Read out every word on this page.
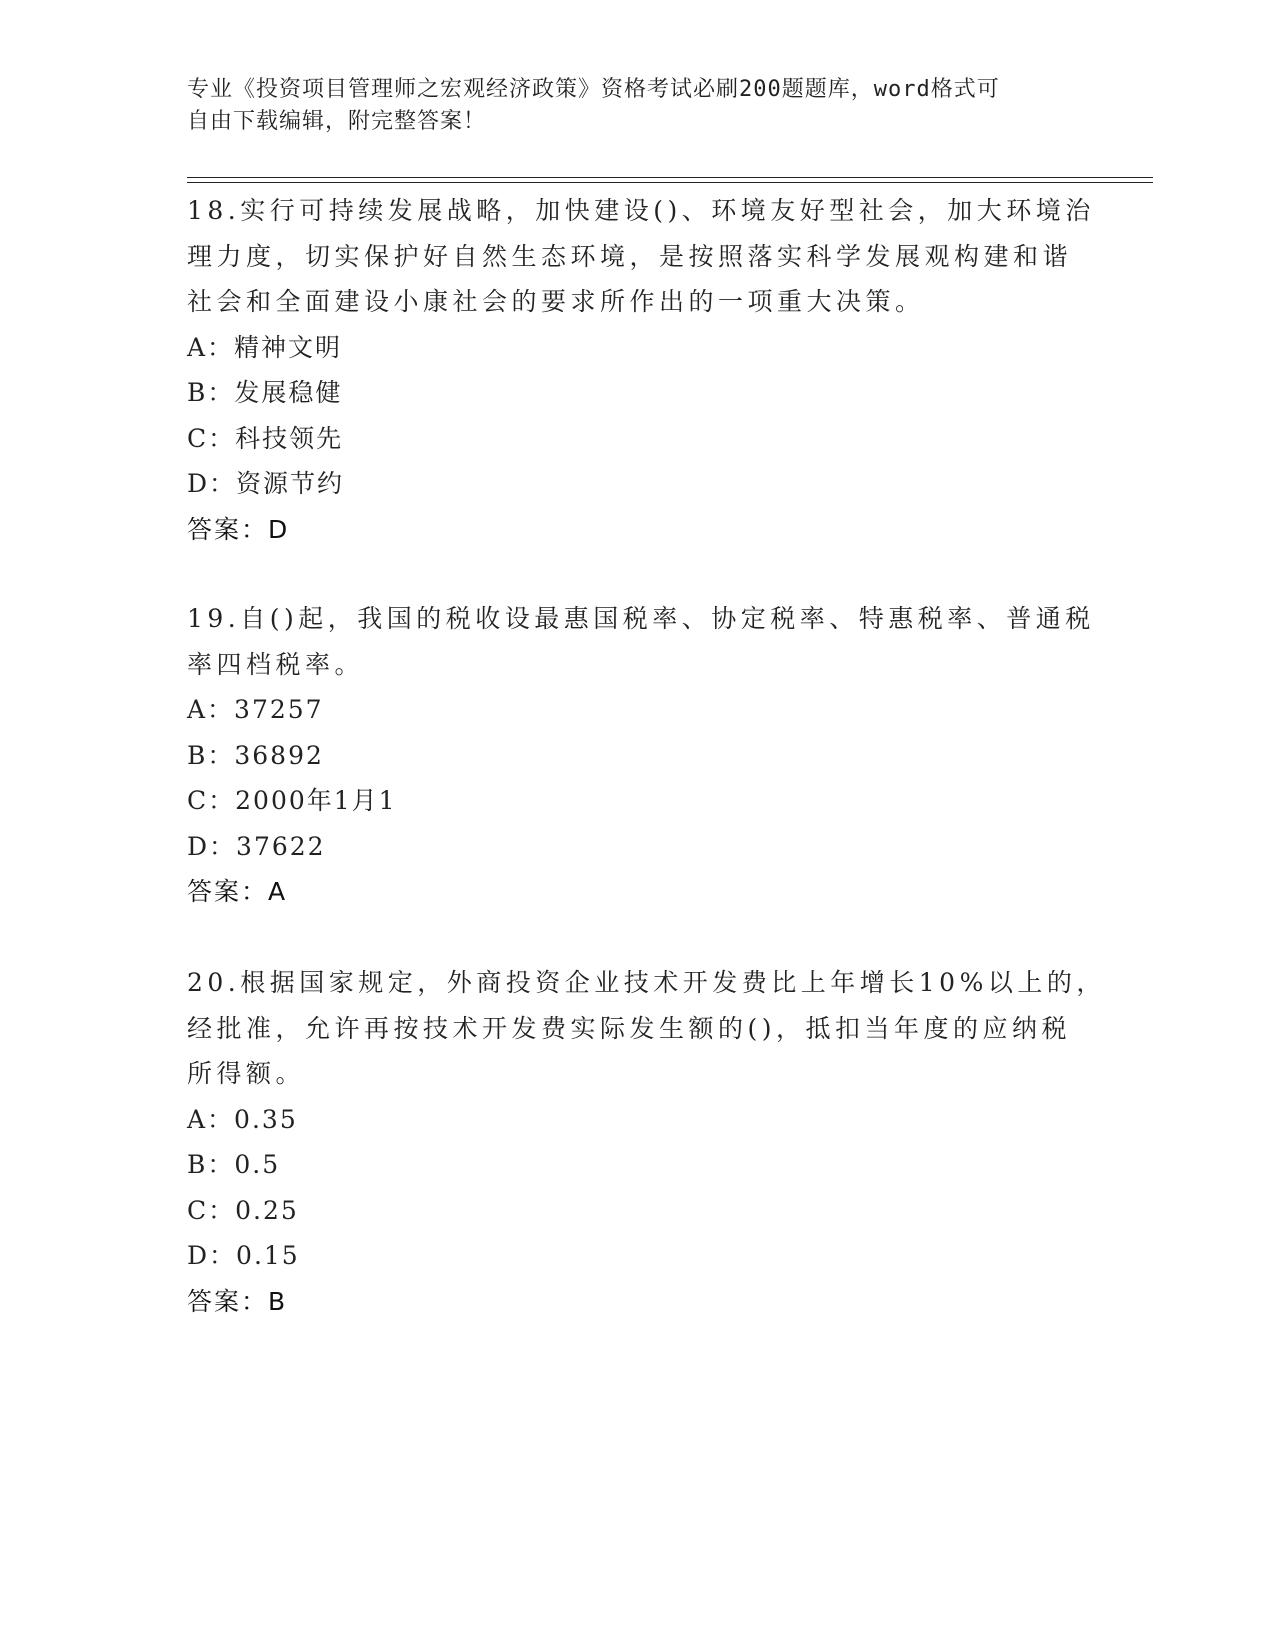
专业《投资项目管理师之宏观经济政策》资格考试必刷200题题库，word格式可
自由下载编辑，附完整答案！
18.实行可持续发展战略，加快建设()、环境友好型社会，加大环境治
理力度，切实保护好自然生态环境，是按照落实科学发展观构建和谐
社会和全面建设小康社会的要求所作出的一项重大决策。
A：精神文明
B：发展稳健
C：科技领先
D：资源节约
答案：D
19.自()起，我国的税收设最惠国税率、协定税率、特惠税率、普通税
率四档税率。
A：37257
B：36892
C：2000年1月1
D：37622
答案：A
20.根据国家规定，外商投资企业技术开发费比上年增长10%以上的，
经批准，允许再按技术开发费实际发生额的()，抵扣当年度的应纳税
所得额。
A：0.35
B：0.5
C：0.25
D：0.15
答案：B
